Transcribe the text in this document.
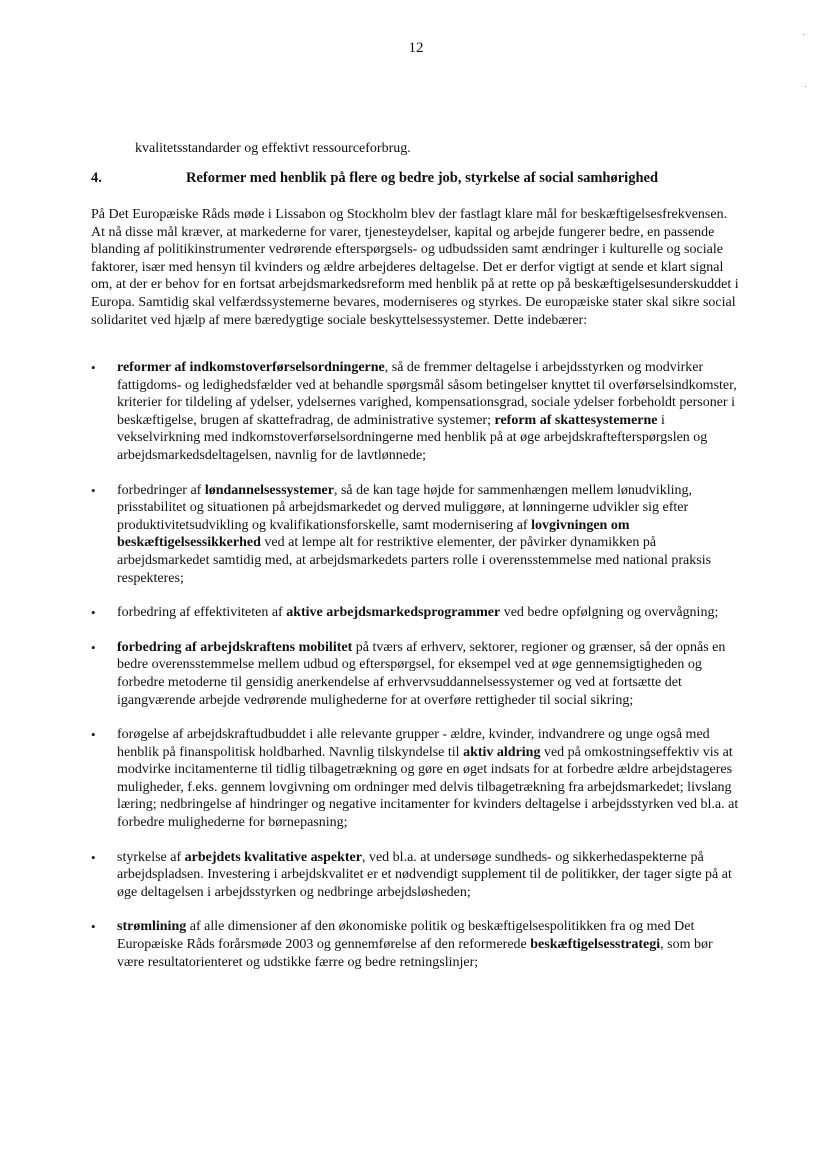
12
kvalitetsstandarder og effektivt ressourceforbrug.
4.	Reformer med henblik på flere og bedre job, styrkelse af social samhørighed

På Det Europæiske Råds møde i Lissabon og Stockholm blev der fastlagt klare mål for beskæftigelsesfrekvensen. At nå disse mål kræver, at markederne for varer, tjenesteydelser, kapital og arbejde fungerer bedre, en passende blanding af politikinstrumenter vedrørende efterspørgsels- og udbudssiden samt ændringer i kulturelle og sociale faktorer, især med hensyn til kvinders og ældre arbejderes deltagelse. Det er derfor vigtigt at sende et klart signal om, at der er behov for en fortsat arbejdsmarkedsreform med henblik på at rette op på beskæftigelsesunderskuddet i Europa. Samtidig skal velfærdssystemerne bevares, moderniseres og styrkes. De europæiske stater skal sikre social solidaritet ved hjælp af mere bæredygtige sociale beskyttelsessystemer. Dette indebærer:

• reformer af indkomstoverførselsordningerne, så de fremmer deltagelse i arbejdsstyrken og modvirker fattigdoms- og ledighedsfælder ved at behandle spørgsmål såsom betingelser knyttet til overførselsindkomster, kriterier for tildeling af ydelser, ydelsernes varighed, kompensationsgrad, sociale ydelser forbeholdt personer i beskæftigelse, brugen af skattefradrag, de administrative systemer; reform af skattesystemerne i vekselvirkning med indkomstoverførselsordningerne med henblik på at øge arbejdskraftefterspørgslen og arbejdsmarkedsdeltagelsen, navnlig for de lavtlønnede;

• forbedringer af løndannelsessystemer, så de kan tage højde for sammenhængen mellem lønudvikling, prisstabilitet og situationen på arbejdsmarkedet og derved muliggøre, at lønningerne udvikler sig efter produktivitetsudvikling og kvalifikationsforskelle, samt modernisering af lovgivningen om beskæftigelsessikkerhed ved at lempe alt for restriktive elementer, der påvirker dynamikken på arbejdsmarkedet samtidig med, at arbejdsmarkedets parters rolle i overensstemmelse med national praksis respekteres;

• forbedring af effektiviteten af aktive arbejdsmarkedsprogrammer ved bedre opfølgning og overvågning;

• forbedring af arbejdskraftens mobilitet på tværs af erhverv, sektorer, regioner og grænser, så der opnås en bedre overensstemmelse mellem udbud og efterspørgsel, for eksempel ved at øge gennemsigtigheden og forbedre metoderne til gensidig anerkendelse af erhvervsuddannelsessystemer og ved at fortsætte det igangværende arbejde vedrørende mulighederne for at overføre rettigheder til social sikring;

• forøgelse af arbejdskraftudbuddet i alle relevante grupper - ældre, kvinder, indvandrere og unge også med henblik på finanspolitisk holdbarhed. Navnlig tilskyndelse til aktiv aldring ved på omkostningseffektiv vis at modvirke incitamenterne til tidlig tilbagetrækning og gøre en øget indsats for at forbedre ældre arbejdstageres muligheder, f.eks. gennem lovgivning om ordninger med delvis tilbagetrækning fra arbejdsmarkedet; livslang læring; nedbringelse af hindringer og negative incitamenter for kvinders deltagelse i arbejdsstyrken ved bl.a. at forbedre mulighederne for børnepasning;

• styrkelse af arbejdets kvalitative aspekter, ved bl.a. at undersøge sundheds- og sikkerhedaspekterne på arbejdspladsen. Investering i arbejdskvalitet er et nødvendigt supplement til de politikker, der tager sigte på at øge deltagelsen i arbejdsstyrken og nedbringe arbejdsløsheden;

• strømlining af alle dimensioner af den økonomiske politik og beskæftigelsespolitikken fra og med Det Europæiske Råds forårsmøde 2003 og gennemførelse af den reformerede beskæftigelsesstrategi, som bør være resultatorienteret og udstikke færre og bedre retningslinjer;

·
·
